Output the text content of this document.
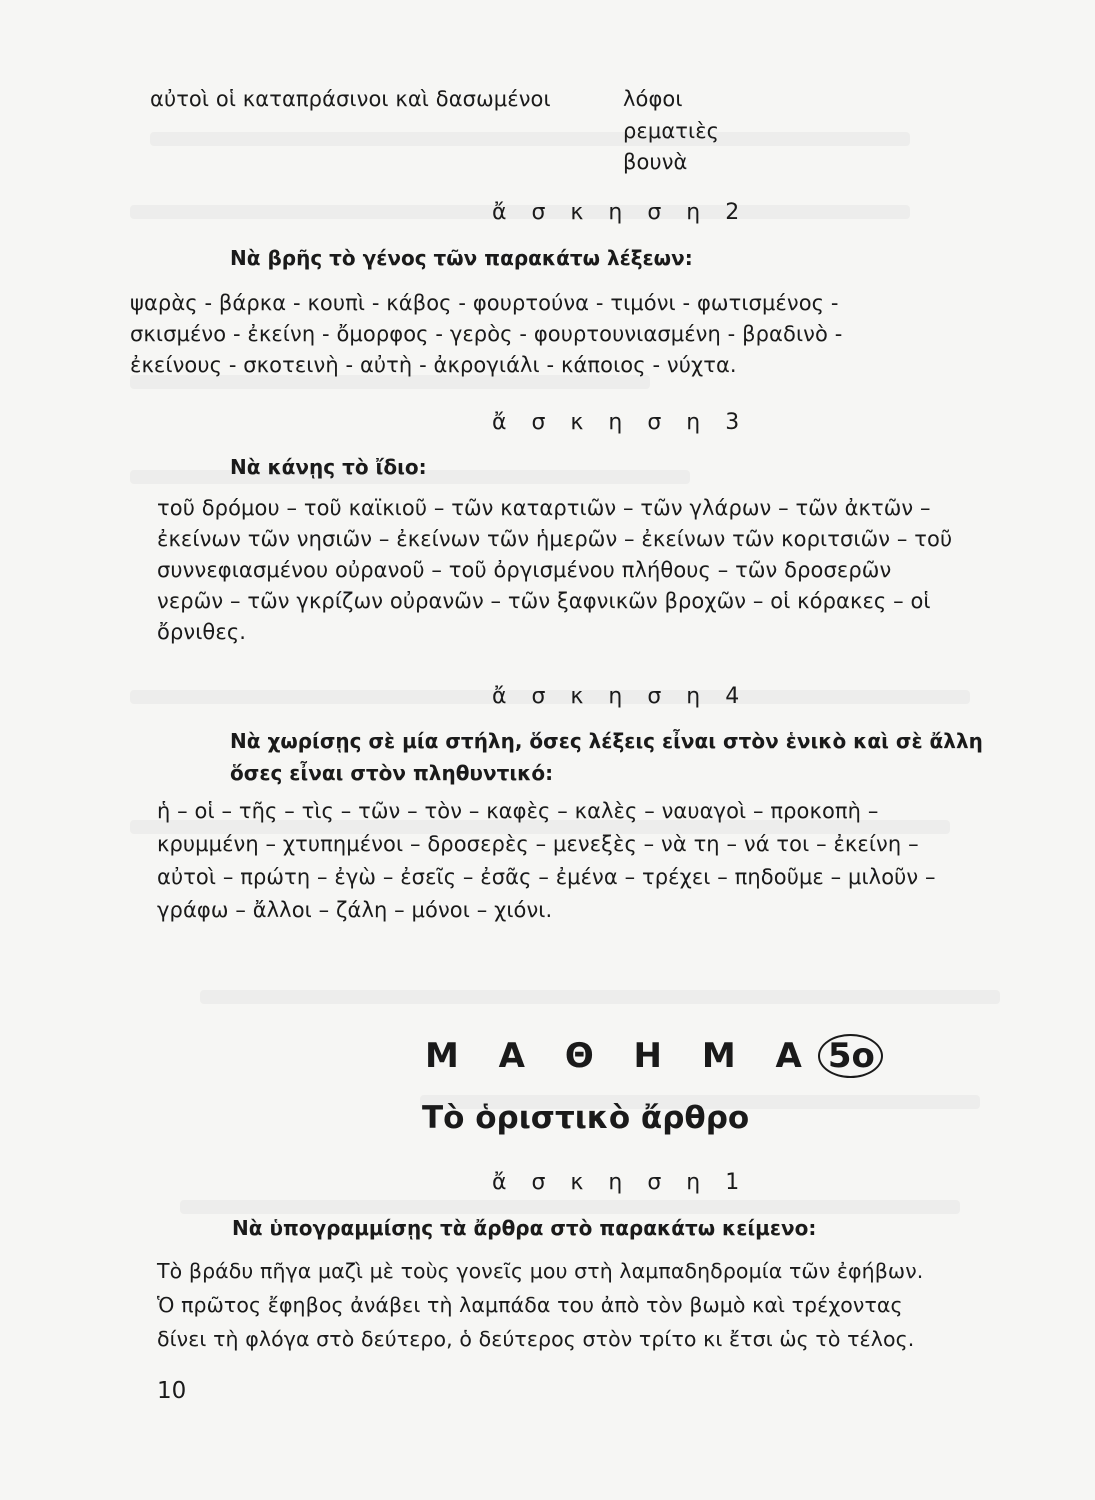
αὐτοὶ οἱ καταπράσινοι καὶ δασωμένοι	λόφοι
ρεματιὲς
βουνὰ
ἄ σ κ η σ η 2
Νὰ βρῆς τὸ γένος τῶν παρακάτω λέξεων:
ψαρὰς - βάρκα - κουπὶ - κάβος - φουρτούνα - τιμόνι - φωτισμένος -
σκισμένο - ἐκείνη - ὄμορφος - γερὸς - φουρτουνιασμένη - βραδινὸ -
ἐκείνους - σκοτεινὴ - αὐτὴ - ἀκρογιάλι - κάποιος - νύχτα.
ἄ σ κ η σ η 3
Νὰ κάνῃς τὸ ἴδιο:
τοῦ δρόμου – τοῦ καϊκιοῦ – τῶν καταρτιῶν – τῶν γλάρων – τῶν ἀκτῶν –
ἐκείνων τῶν νησιῶν – ἐκείνων τῶν ἡμερῶν – ἐκείνων τῶν κοριτσιῶν – τοῦ
συννεφιασμένου οὐρανοῦ – τοῦ ὀργισμένου πλήθους – τῶν δροσερῶν
νερῶν – τῶν γκρίζων οὐρανῶν – τῶν ξαφνικῶν βροχῶν – οἱ κόρακες – οἱ
ὄρνιθες.
ἄ σ κ η σ η 4
Νὰ χωρίσῃς σὲ μία στήλη, ὅσες λέξεις εἶναι στὸν ἑνικὸ καὶ σὲ ἄλλη
ὅσες εἶναι στὸν πληθυντικό:
ἡ – οἱ – τῆς – τὶς – τῶν – τὸν – καφὲς – καλὲς – ναυαγοὶ – προκοπὴ –
κρυμμένη – χτυπημένοι – δροσερὲς – μενεξὲς – νὰ τη – νά τοι – ἐκείνη –
αὐτοὶ – πρώτη – ἐγὼ – ἐσεῖς – ἐσᾶς – ἐμένα – τρέχει – πηδοῦμε – μιλοῦν –
γράφω – ἄλλοι – ζάλη – μόνοι – χιόνι.
Μ Α Θ Η Μ Α 5ο
Τὸ ὁριστικὸ ἄρθρο
ἄ σ κ η σ η 1
Νὰ ὑπογραμμίσῃς τὰ ἄρθρα στὸ παρακάτω κείμενο:
Τὸ βράδυ πῆγα μαζὶ μὲ τοὺς γονεῖς μου στὴ λαμπαδηδρομία τῶν ἐφήβων.
Ὁ πρῶτος ἔφηβος ἀνάβει τὴ λαμπάδα του ἀπὸ τὸν βωμὸ καὶ τρέχοντας
δίνει τὴ φλόγα στὸ δεύτερο, ὁ δεύτερος στὸν τρίτο κι ἔτσι ὡς τὸ τέλος.
10
